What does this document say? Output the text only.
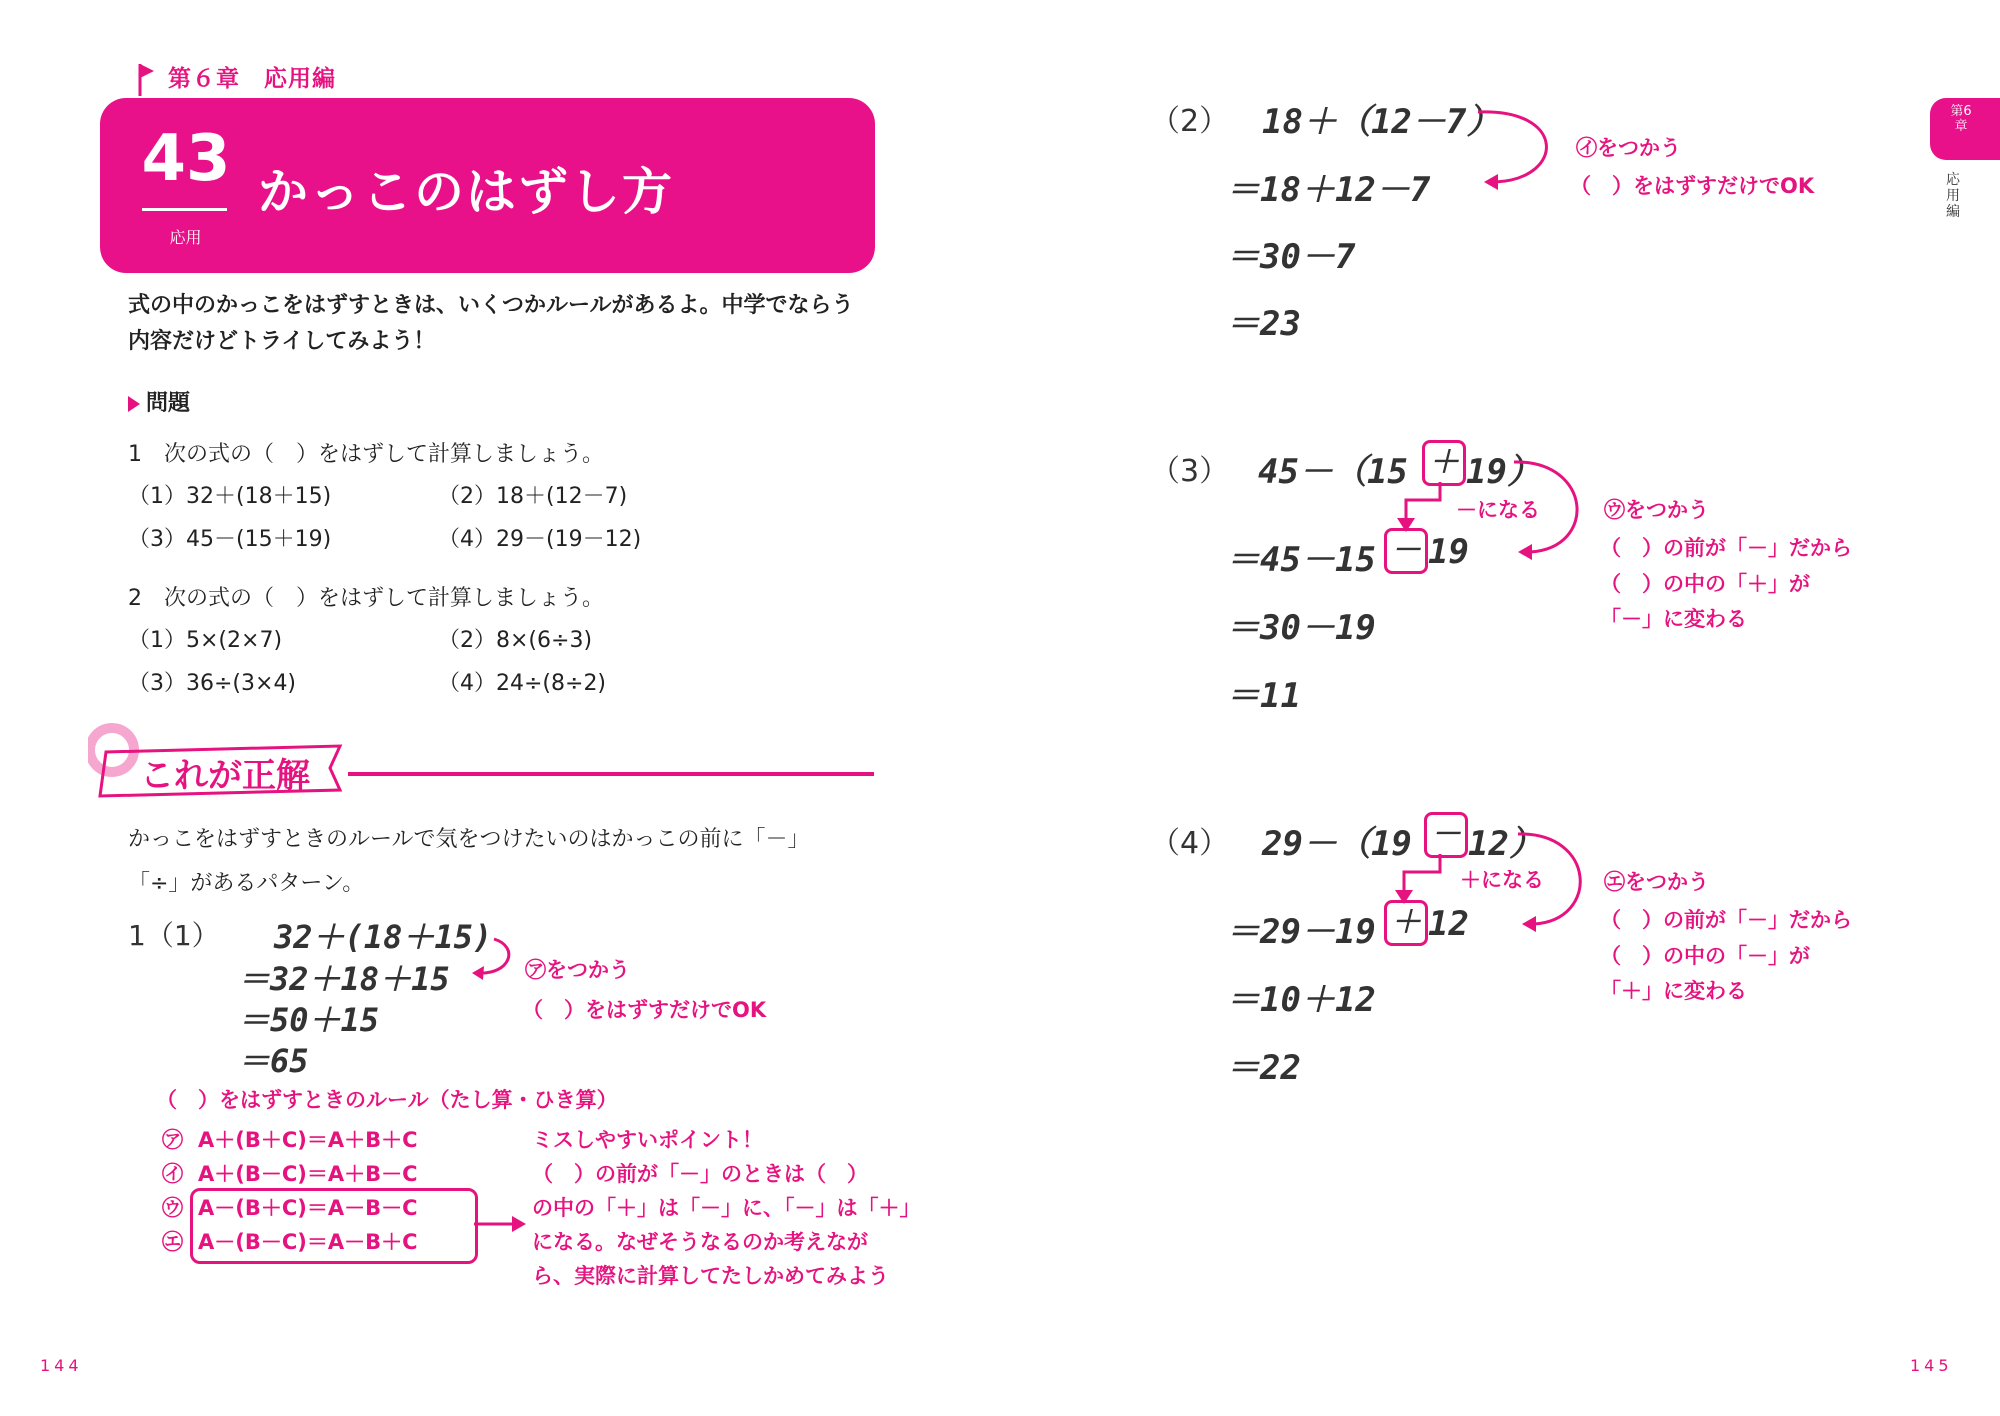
第６章　応用編
43
応用
かっこのはずし方
式の中のかっこをはずすときは、いくつかルールがあるよ。中学でならう内容だけどトライしてみよう！
問題
1　次の式の（　）をはずして計算しましょう。
（1）32＋(18＋15)	（2）18＋(12－7)
（3）45－(15＋19)	（4）29－(19－12)
2　次の式の（　）をはずして計算しましょう。
（1）5×(2×7)	（2）8×(6÷3)
（3）36÷(3×4)	（4）24÷(8÷2)
これが正解
かっこをはずすときのルールで気をつけたいのはかっこの前に「－」
「÷」があるパターン。
1（1） 32＋(18＋15)
＝32＋18＋15
＝50＋15
＝65
㋐をつかう
（　）をはずすだけでOK
（　）をはずすときのルール（たし算・ひき算）
㋐ A＋(B＋C)＝A＋B＋C
㋑ A＋(B－C)＝A＋B－C
㋒ A－(B＋C)＝A－B－C
㋓ A－(B－C)＝A－B＋C
ミスしやすいポイント！
（　）の前が「－」のときは（　）
の中の「＋」は「－」に、「－」は「＋」
になる。なぜそうなるのか考えなが
ら、実際に計算してたしかめてみよう
144
（2） 18＋（12－7）
＝18＋12－7
＝30－7
＝23
㋑をつかう
（　）をはずすだけでOK
（3） 45－（15 ＋ 19）
－になる
＝45－15 － 19
＝30－19
＝11
㋒をつかう
（　）の前が「－」だから
（　）の中の「＋」が
「－」に変わる
（4） 29－（19 － 12）
＋になる
＝29－19 ＋ 12
＝10＋12
＝22
㋓をつかう
（　）の前が「－」だから
（　）の中の「－」が
「＋」に変わる
第6章
応用編
145
